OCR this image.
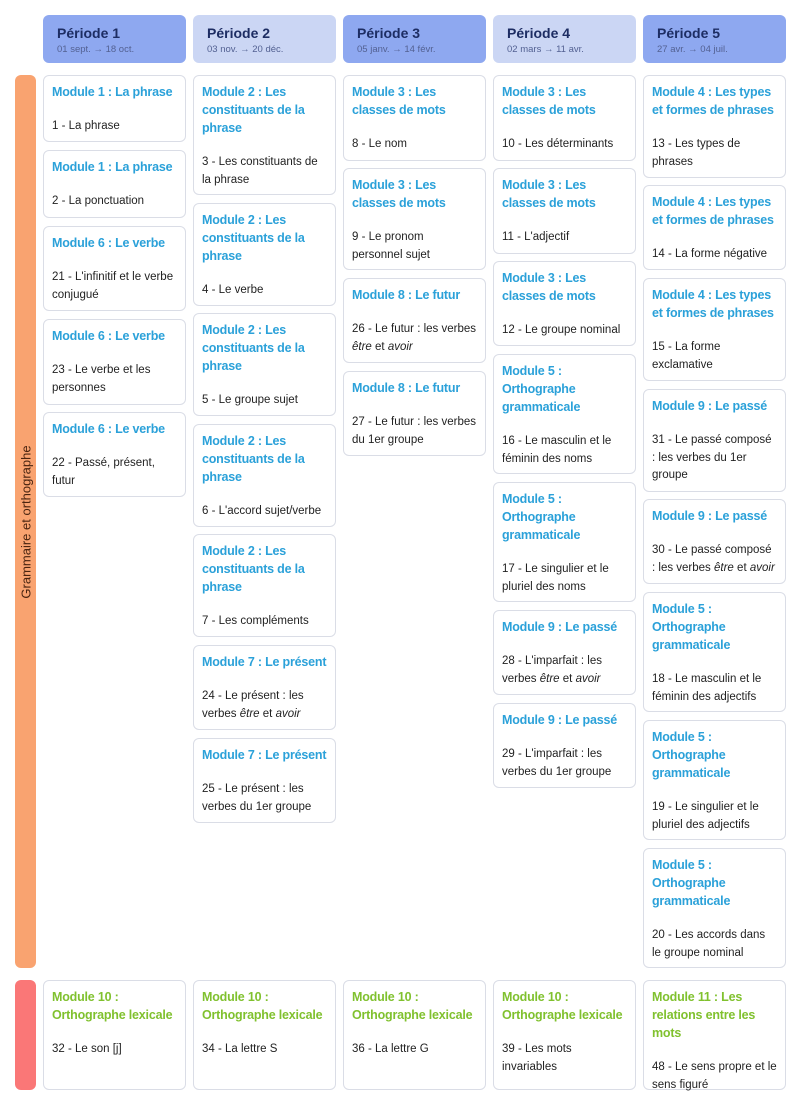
Période 1
01 sept. → 18 oct.
Période 2
03 nov. → 20 déc.
Période 3
05 janv. → 14 févr.
Période 4
02 mars → 11 avr.
Période 5
27 avr. → 04 juil.
Grammaire et orthographe
Module 1 : La phrase
1 - La phrase
Module 1 : La phrase
2 - La ponctuation
Module 6 : Le verbe
21 - L'infinitif et le verbe conjugué
Module 6 : Le verbe
23 - Le verbe et les personnes
Module 6 : Le verbe
22 - Passé, présent, futur
Module 2 : Les constituants de la phrase
3 - Les constituants de la phrase
Module 2 : Les constituants de la phrase
4 - Le verbe
Module 2 : Les constituants de la phrase
5 - Le groupe sujet
Module 2 : Les constituants de la phrase
6 - L'accord sujet/verbe
Module 2 : Les constituants de la phrase
7 - Les compléments
Module 7 : Le présent
24 - Le présent : les verbes être et avoir
Module 7 : Le présent
25 - Le présent : les verbes du 1er groupe
Module 3 : Les classes de mots
8 - Le nom
Module 3 : Les classes de mots
9 - Le pronom personnel sujet
Module 8 : Le futur
26 - Le futur : les verbes être et avoir
Module 8 : Le futur
27 - Le futur : les verbes du 1er groupe
Module 3 : Les classes de mots
10 - Les déterminants
Module 3 : Les classes de mots
11 - L'adjectif
Module 3 : Les classes de mots
12 - Le groupe nominal
Module 5 : Orthographe grammaticale
16 - Le masculin et le féminin des noms
Module 5 : Orthographe grammaticale
17 - Le singulier et le pluriel des noms
Module 9 : Le passé
28 - L'imparfait : les verbes être et avoir
Module 9 : Le passé
29 - L'imparfait : les verbes du 1er groupe
Module 4 : Les types et formes de phrases
13 - Les types de phrases
Module 4 : Les types et formes de phrases
14 - La forme négative
Module 4 : Les types et formes de phrases
15 - La forme exclamative
Module 9 : Le passé
31 - Le passé composé : les verbes du 1er groupe
Module 9 : Le passé
30 - Le passé composé : les verbes être et avoir
Module 5 : Orthographe grammaticale
18 - Le masculin et le féminin des adjectifs
Module 5 : Orthographe grammaticale
19 - Le singulier et le pluriel des adjectifs
Module 5 : Orthographe grammaticale
20 - Les accords dans le groupe nominal
Module 10 : Orthographe lexicale
32 - Le son [j]
Module 10 : Orthographe lexicale
34 - La lettre S
Module 10 : Orthographe lexicale
36 - La lettre G
Module 10 : Orthographe lexicale
39 - Les mots invariables
Module 11 : Les relations entre les mots
48 - Le sens propre et le sens figuré
